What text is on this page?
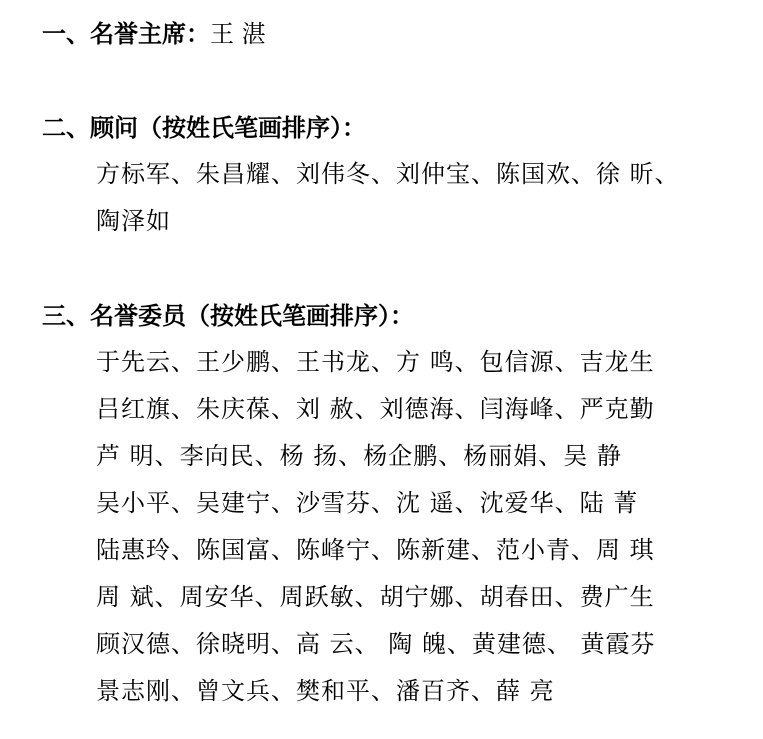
一、名誉主席：王 湛
二、顾问（按姓氏笔画排序）：
方标军、朱昌耀、刘伟冬、刘仲宝、陈国欢、徐 昕、
陶泽如
三、名誉委员（按姓氏笔画排序）：
于先云、王少鹏、王书龙、方 鸣、包信源、吉龙生
吕红旗、朱庆葆、刘 赦、刘德海、闫海峰、严克勤
芦 明、李向民、杨 扬、杨企鹏、杨丽娟、吴 静
吴小平、吴建宁、沙雪芬、沈 遥、沈爱华、陆 菁
陆惠玲、陈国富、陈峰宁、陈新建、范小青、周 琪
周 斌、周安华、周跃敏、胡宁娜、胡春田、费广生
顾汉德、徐晓明、高 云、 陶 魄、黄建德、 黄霞芬
景志刚、曾文兵、樊和平、潘百齐、薛 亮
